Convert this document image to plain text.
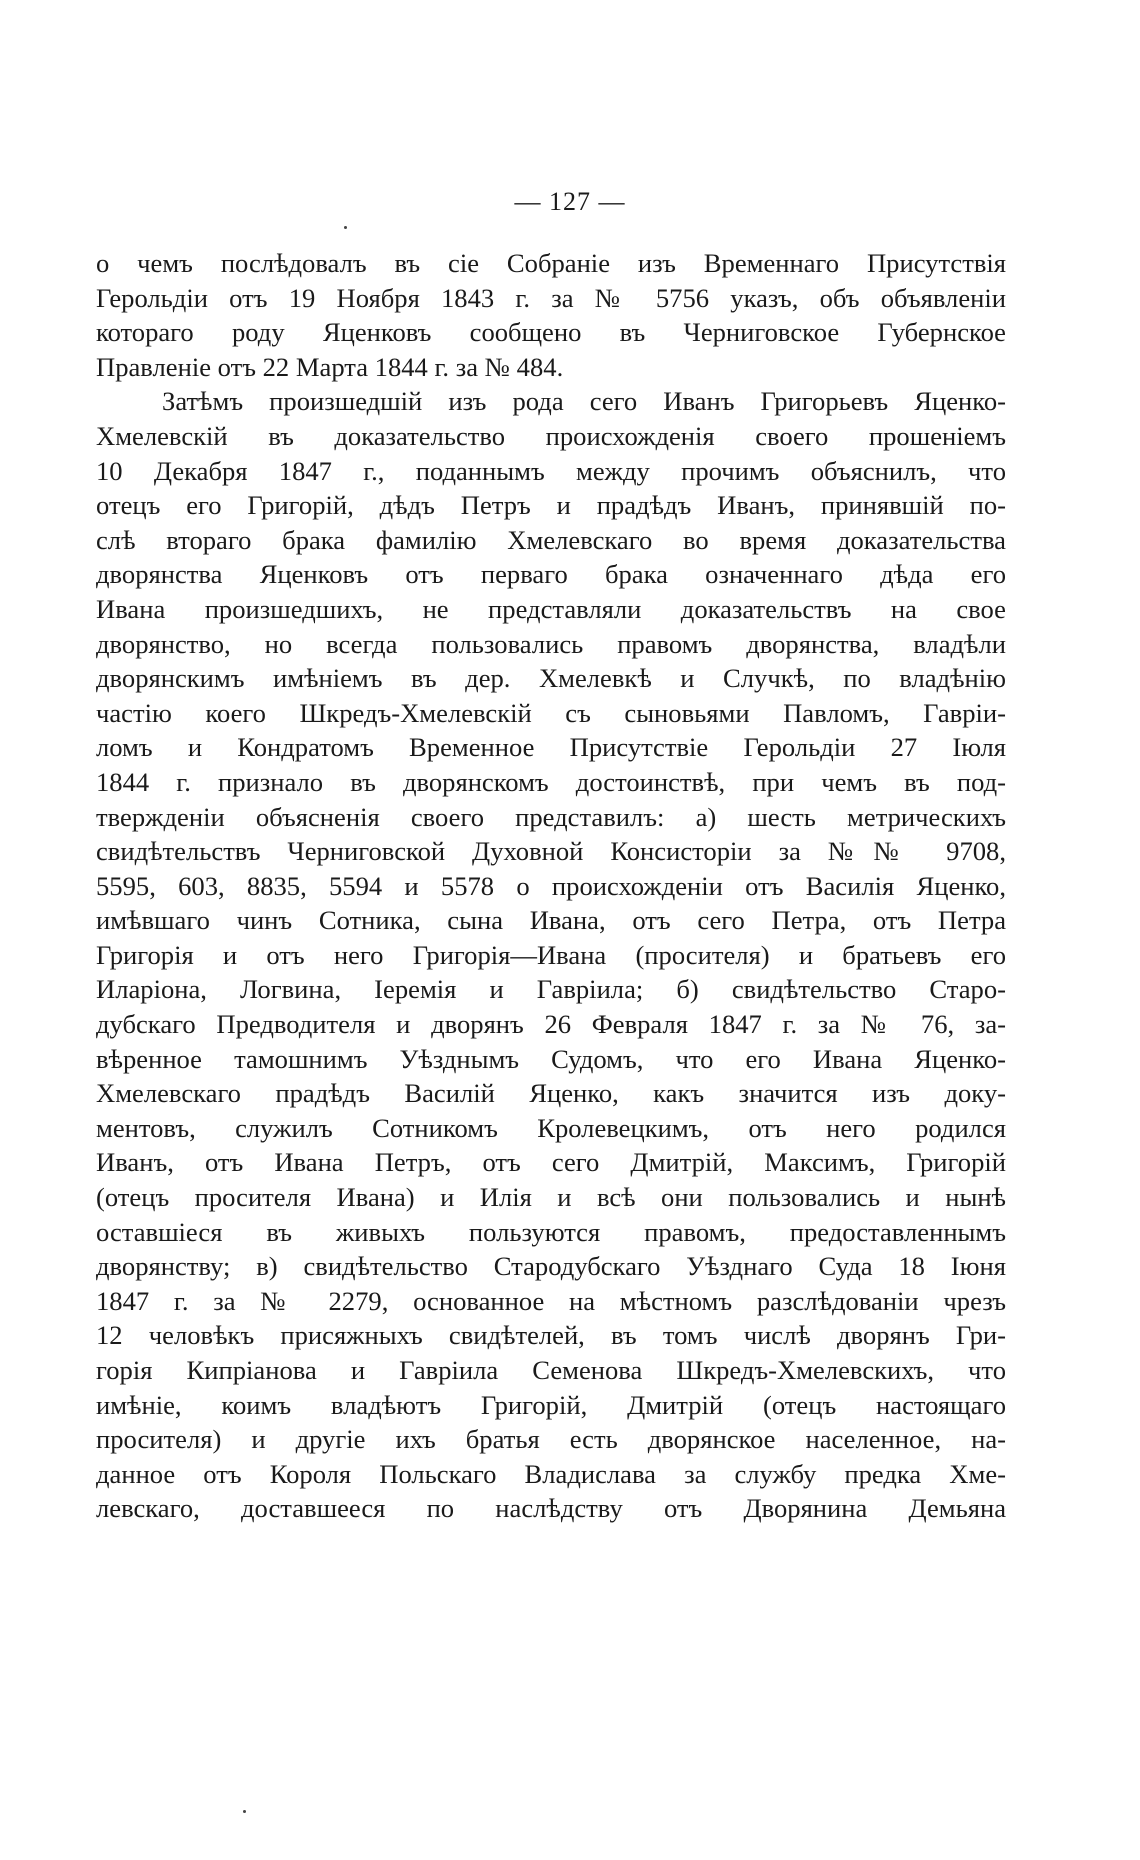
— 127 —
о чемъ послѣдовалъ въ сіе Собраніе изъ Временнаго Присутствія
Герольдіи отъ 19 Ноября 1843 г. за № 5756 указъ, объ объявленіи
котораго роду Яценковъ сообщено въ Черниговское Губернское
Правленіе отъ 22 Марта 1844 г. за № 484.
Затѣмъ произшедшій изъ рода сего Иванъ Григорьевъ Яценко-
Хмелевскій въ доказательство происхожденія своего прошеніемъ
10 Декабря 1847 г., поданнымъ между прочимъ объяснилъ, что
отецъ его Григорій, дѣдъ Петръ и прадѣдъ Иванъ, принявшій по-
слѣ втораго брака фамилію Хмелевскаго во время доказательства
дворянства Яценковъ отъ перваго брака означеннаго дѣда его
Ивана произшедшихъ, не представляли доказательствъ на свое
дворянство, но всегда пользовались правомъ дворянства, владѣли
дворянскимъ имѣніемъ въ дер. Хмелевкѣ и Случкѣ, по владѣнію
частію коего Шкредъ-Хмелевскій съ сыновьями Павломъ, Гавріи-
ломъ и Кондратомъ Временное Присутствіе Герольдіи 27 Іюля
1844 г. признало въ дворянскомъ достоинствѣ, при чемъ въ под-
твержденіи объясненія своего представилъ: а) шесть метрическихъ
свидѣтельствъ Черниговской Духовной Консисторіи за №№ 9708,
5595, 603, 8835, 5594 и 5578 о происхожденіи отъ Василія Яценко,
имѣвшаго чинъ Сотника, сына Ивана, отъ сего Петра, отъ Петра
Григорія и отъ него Григорія—Ивана (просителя) и братьевъ его
Иларіона, Логвина, Іеремія и Гавріила; б) свидѣтельство Старо-
дубскаго Предводителя и дворянъ 26 Февраля 1847 г. за № 76, за-
вѣренное тамошнимъ Уѣзднымъ Судомъ, что его Ивана Яценко-
Хмелевскаго прадѣдъ Василій Яценко, какъ значится изъ доку-
ментовъ, служилъ Сотникомъ Кролевецкимъ, отъ него родился
Иванъ, отъ Ивана Петръ, отъ сего Дмитрій, Максимъ, Григорій
(отецъ просителя Ивана) и Илія и всѣ они пользовались и нынѣ
оставшіеся въ живыхъ пользуются правомъ, предоставленнымъ
дворянству; в) свидѣтельство Стародубскаго Уѣзднаго Суда 18 Іюня
1847 г. за № 2279, основанное на мѣстномъ разслѣдованіи чрезъ
12 человѣкъ присяжныхъ свидѣтелей, въ томъ числѣ дворянъ Гри-
горія Кипріанова и Гавріила Семенова Шкредъ-Хмелевскихъ, что
имѣніе, коимъ владѣютъ Григорій, Дмитрій (отецъ настоящаго
просителя) и другіе ихъ братья есть дворянское населенное, на-
данное отъ Короля Польскаго Владислава за службу предка Хме-
левскаго, доставшееся по наслѣдству отъ Дворянина Демьяна
